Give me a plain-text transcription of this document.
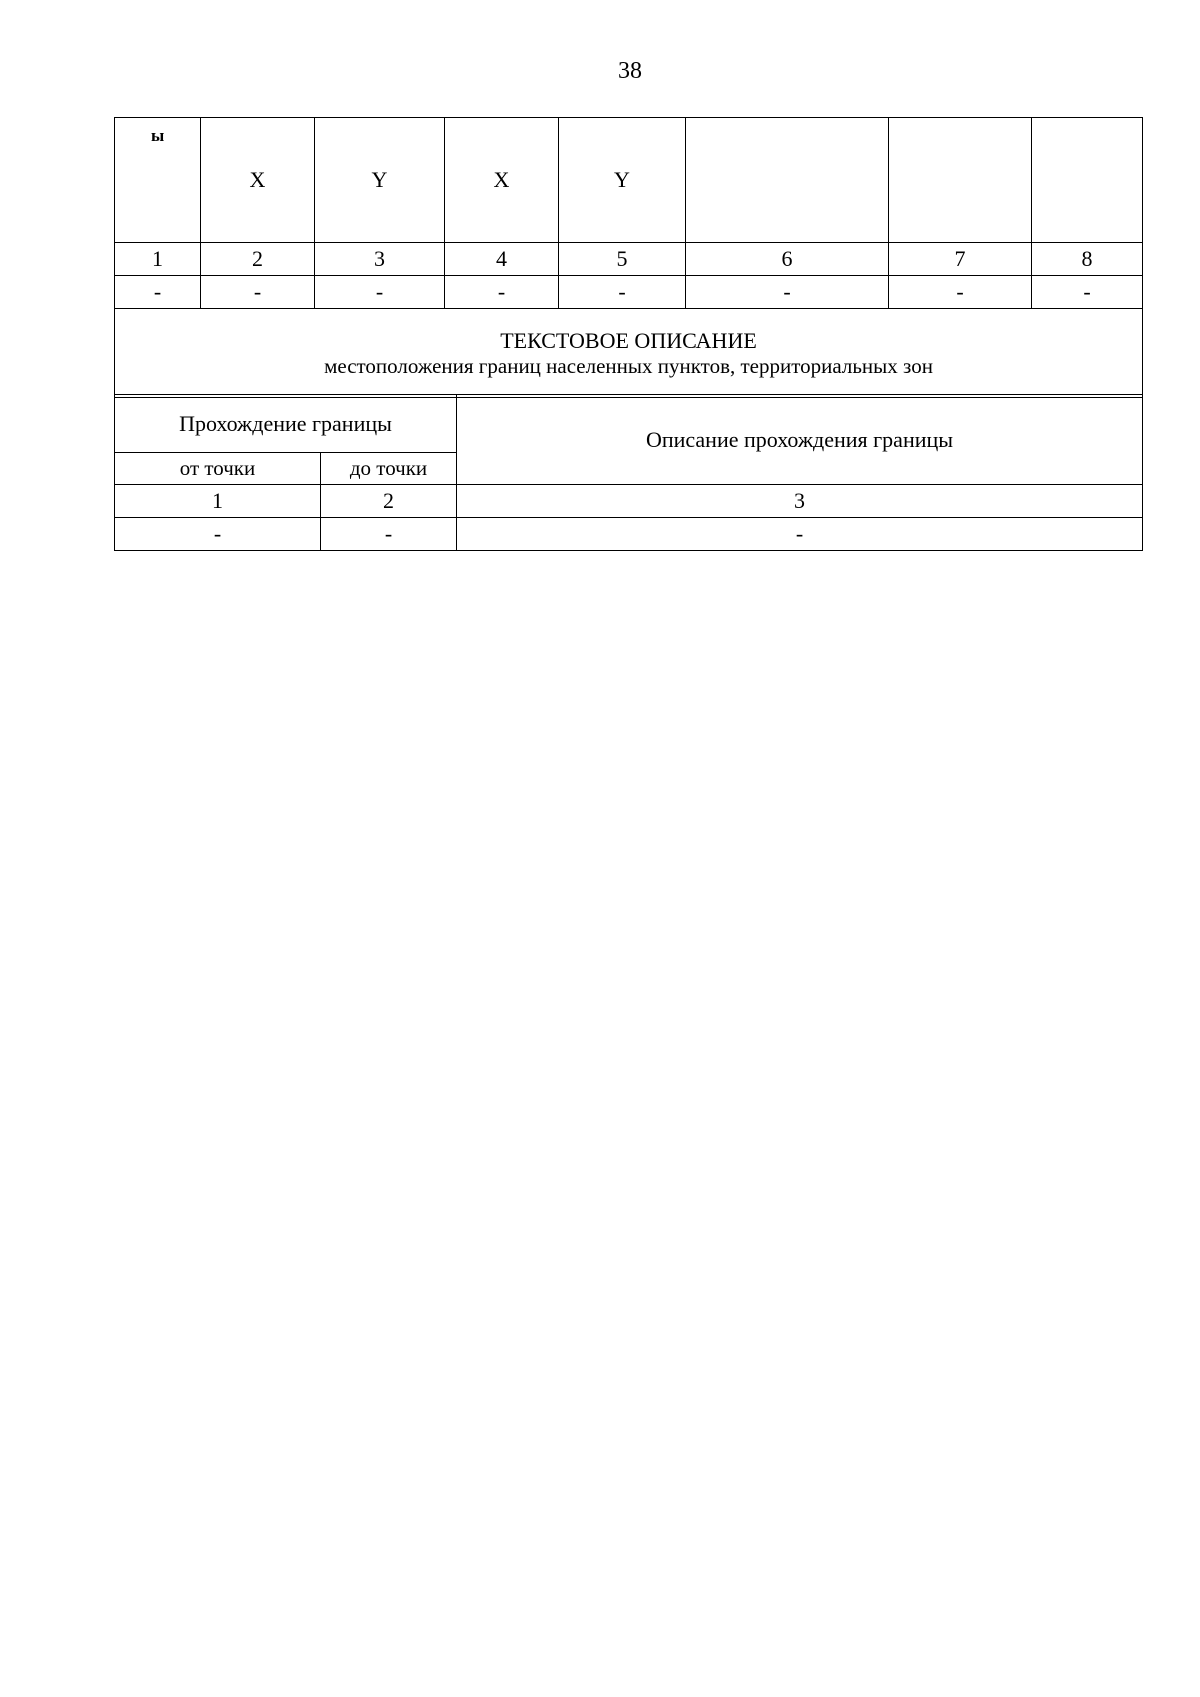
38
ы	X	Y	X	Y			
1	2	3	4	5	6	7	8
-	-	-	-	-	-	-	-

ТЕКСТОВОЕ ОПИСАНИЕ
местоположения границ населенных пунктов, территориальных зон							
Прохождение границы		Описание прохождения границы
от точки	до точки	
1	2	3
-	-	-
